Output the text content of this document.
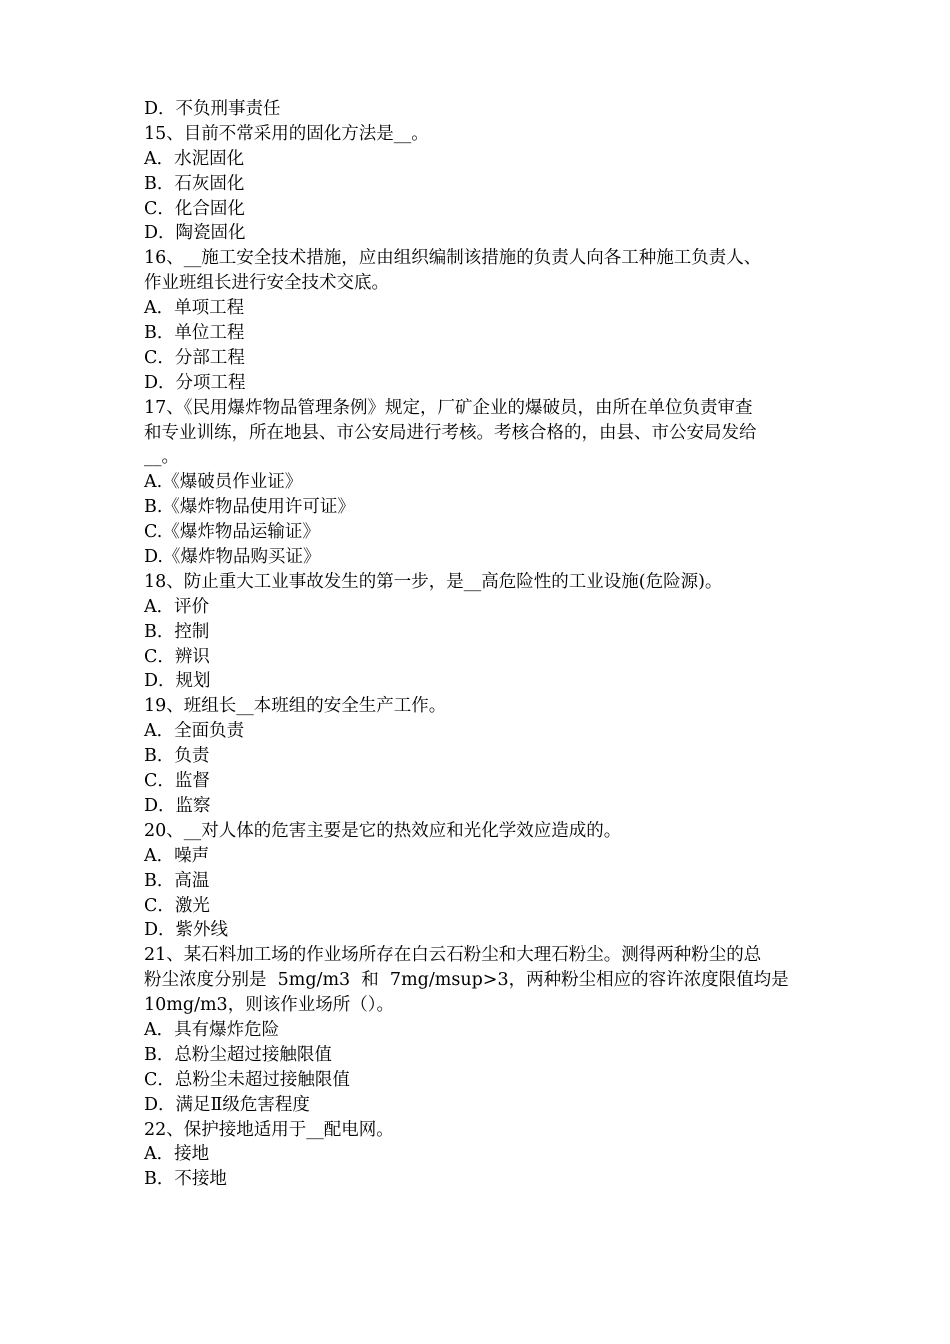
D．不负刑事责任
15、目前不常采用的固化方法是__。
A．水泥固化
B．石灰固化
C．化合固化
D．陶瓷固化
16、__施工安全技术措施，应由组织编制该措施的负责人向各工种施工负责人、
作业班组长进行安全技术交底。
A．单项工程
B．单位工程
C．分部工程
D．分项工程
17、《民用爆炸物品管理条例》规定，厂矿企业的爆破员，由所在单位负责审查
和专业训练，所在地县、市公安局进行考核。考核合格的，由县、市公安局发给
__。
A.《爆破员作业证》
B.《爆炸物品使用许可证》
C.《爆炸物品运输证》
D.《爆炸物品购买证》
18、防止重大工业事故发生的第一步，是__高危险性的工业设施(危险源)。
A．评价
B．控制
C．辨识
D．规划
19、班组长__本班组的安全生产工作。
A．全面负责
B．负责
C．监督
D．监察
20、__对人体的危害主要是它的热效应和光化学效应造成的。
A．噪声
B．高温
C．激光
D．紫外线
21、某石料加工场的作业场所存在白云石粉尘和大理石粉尘。测得两种粉尘的总
粉尘浓度分别是  5mg/m3  和  7mg/msup>3，两种粉尘相应的容许浓度限值均是
10mg/m3，则该作业场所（）。
A．具有爆炸危险
B．总粉尘超过接触限值
C．总粉尘未超过接触限值
D．满足Ⅱ级危害程度
22、保护接地适用于__配电网。
A．接地
B．不接地
